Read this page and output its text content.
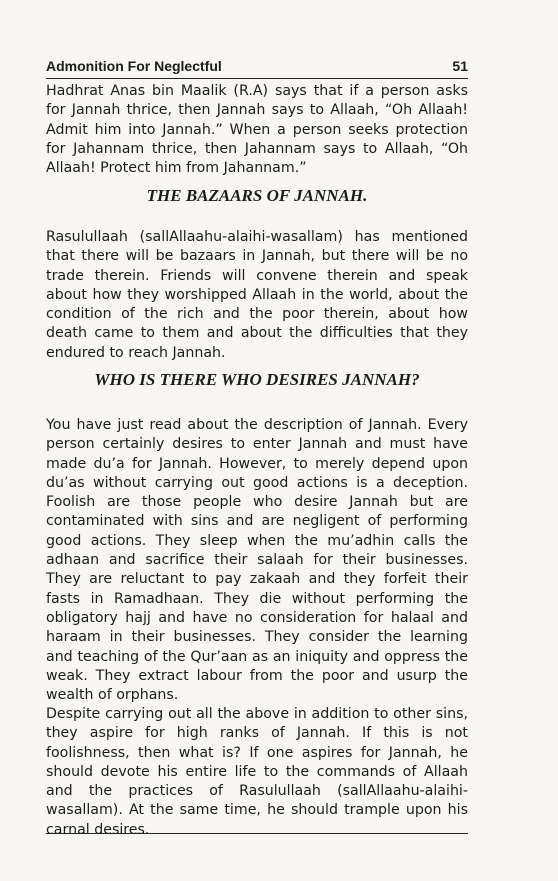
Admonition For Neglectful	51

Hadhrat Anas bin Maalik (R.A) says that if a person asks for Jannah thrice, then Jannah says to Allaah, “Oh Allaah! Admit him into Jannah.” When a person seeks protection for Jahannam thrice, then Jahannam says to Allaah, “Oh Allaah! Protect him from Jahannam.”

THE BAZAARS OF JANNAH.

Rasulullaah (sallAllaahu-alaihi-wasallam) has mentioned that there will be bazaars in Jannah, but there will be no trade therein. Friends will convene therein and speak about how they worshipped Allaah in the world, about the condition of the rich and the poor therein, about how death came to them and about the difficulties that they endured to reach Jannah.

WHO IS THERE WHO DESIRES JANNAH?

You have just read about the description of Jannah. Every person certainly desires to enter Jannah and must have made du’a for Jannah. However, to merely depend upon du’as without carrying out good actions is a deception. Foolish are those people who desire Jannah but are contaminated with sins and are negligent of performing good actions. They sleep when the mu’adhin calls the adhaan and sacrifice their salaah for their businesses. They are reluctant to pay zakaah and they forfeit their fasts in Ramadhaan. They die without performing the obligatory hajj and have no consideration for halaal and haraam in their businesses. They consider the learning and teaching of the Qur’aan as an iniquity and oppress the weak. They extract labour from the poor and usurp the wealth of orphans.

Despite carrying out all the above in addition to other sins, they aspire for high ranks of Jannah. If this is not foolishness, then what is? If one aspires for Jannah, he should devote his entire life to the commands of Allaah and the practices of Rasulullaah (sallAllaahu-alaihi-wasallam). At the same time, he should trample upon his carnal desires.
